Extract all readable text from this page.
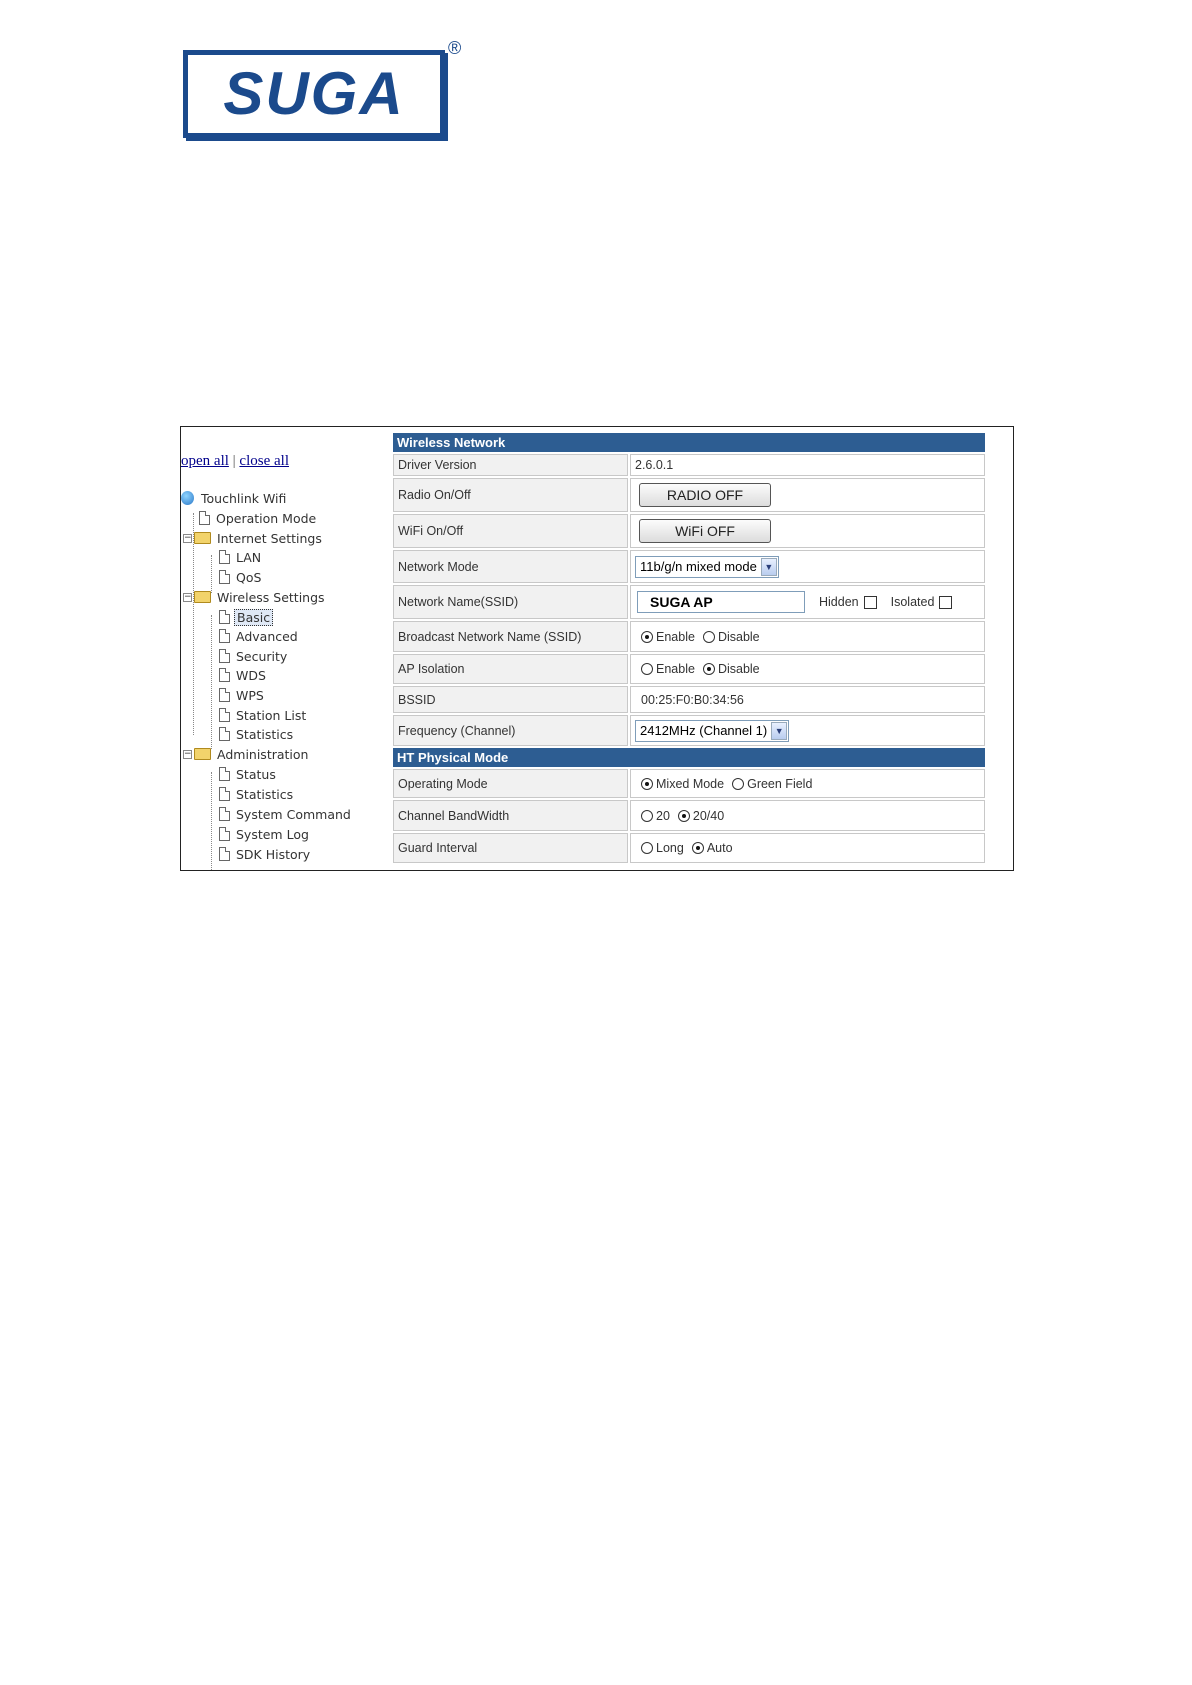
SUGA
®
open all | close all
Touchlink Wifi
Operation Mode
− Internet Settings
LAN
QoS
− Wireless Settings
Basic
Advanced
Security
WDS
WPS
Station List
Statistics
− Administration
Status
Statistics
System Command
System Log
SDK History
Wireless Network
Driver Version	2.6.0.1
Radio On/Off	RADIO OFF
WiFi On/Off	WiFi OFF
Network Mode	11b/g/n mixed mode ▼
Network Name(SSID)	SUGA AP	Hidden	Isolated
Broadcast Network Name (SSID)	Enable Disable
AP Isolation	Enable Disable
BSSID	00:25:F0:B0:34:56
Frequency (Channel)	2412MHz (Channel 1) ▼
HT Physical Mode
Operating Mode	Mixed Mode Green Field
Channel BandWidth	20 20/40
Guard Interval	Long Auto
